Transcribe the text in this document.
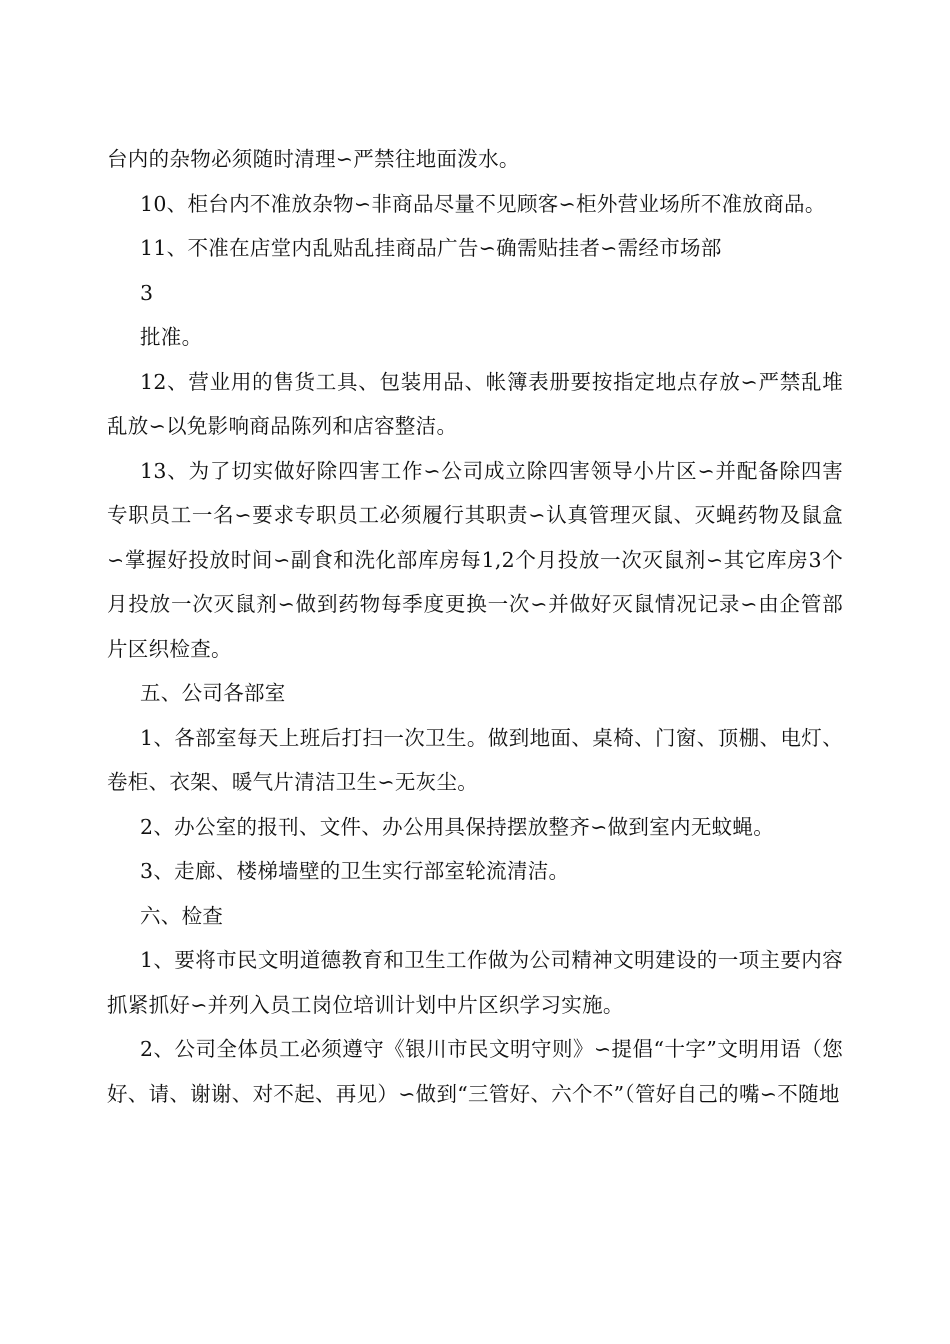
台内的杂物必须随时清理∽严禁往地面泼水。

10、柜台内不准放杂物∽非商品尽量不见顾客∽柜外营业场所不准放商品。

11、不准在店堂内乱贴乱挂商品广告∽确需贴挂者∽需经市场部

3

批准。

12、营业用的售货工具、包装用品、帐簿表册要按指定地点存放∽严禁乱堆乱放∽以免影响商品陈列和店容整洁。

13、为了切实做好除四害工作∽公司成立除四害领导小片区∽并配备除四害专职员工一名∽要求专职员工必须履行其职责∽认真管理灭鼠、灭蝇药物及鼠盒∽掌握好投放时间∽副食和洗化部库房每1,2个月投放一次灭鼠剂∽其它库房3个月投放一次灭鼠剂∽做到药物每季度更换一次∽并做好灭鼠情况记录∽由企管部片区织检查。

五、公司各部室

1、各部室每天上班后打扫一次卫生。做到地面、桌椅、门窗、顶棚、电灯、卷柜、衣架、暖气片清洁卫生∽无灰尘。

2、办公室的报刊、文件、办公用具保持摆放整齐∽做到室内无蚊蝇。

3、走廊、楼梯墙壁的卫生实行部室轮流清洁。

六、检查

1、要将市民文明道德教育和卫生工作做为公司精神文明建设的一项主要内容抓紧抓好∽并列入员工岗位培训计划中片区织学习实施。

2、公司全体员工必须遵守《银川市民文明守则》∽提倡“十字”文明用语（您好、请、谢谢、对不起、再见）∽做到“三管好、六个不”（管好自己的嘴∽不随地
